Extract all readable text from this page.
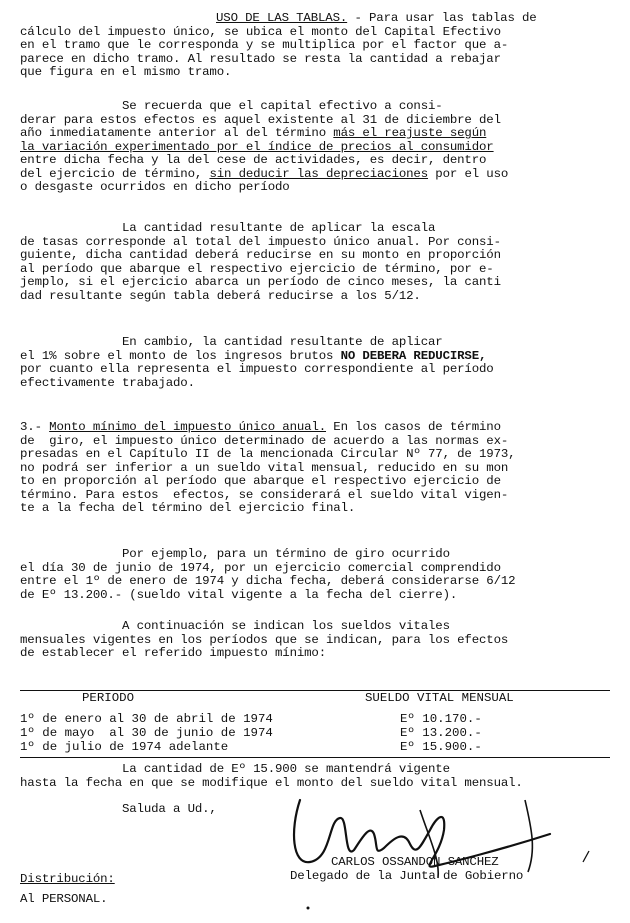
USO DE LAS TABLAS. - Para usar las tablas de
cálculo del impuesto único, se ubica el monto del Capital Efectivo
en el tramo que le corresponda y se multiplica por el factor que a-
parece en dicho tramo. Al resultado se resta la cantidad a rebajar
que figura en el mismo tramo.
Se recuerda que el capital efectivo a consi-
derar para estos efectos es aquel existente al 31 de diciembre del
año inmediatamente anterior al del término más el reajuste según
la variación experimentado por el índice de precios al consumidor
entre dicha fecha y la del cese de actividades, es decir, dentro
del ejercicio de término, sin deducir las depreciaciones por el uso
o desgaste ocurridos en dicho período
La cantidad resultante de aplicar la escala
de tasas corresponde al total del impuesto único anual. Por consi-
guiente, dicha cantidad deberá reducirse en su monto en proporción
al período que abarque el respectivo ejercicio de término, por e-
jemplo, si el ejercicio abarca un período de cinco meses, la canti
dad resultante según tabla deberá reducirse a los 5/12.
En cambio, la cantidad resultante de aplicar
el 1% sobre el monto de los ingresos brutos NO DEBERA REDUCIRSE,
por cuanto ella representa el impuesto correspondiente al período
efectivamente trabajado.
3.- Monto mínimo del impuesto único anual. En los casos de término
de  giro, el impuesto único determinado de acuerdo a las normas ex-
presadas en el Capítulo II de la mencionada Circular Nº 77, de 1973,
no podrá ser inferior a un sueldo vital mensual, reducido en su mon
to en proporción al período que abarque el respectivo ejercicio de
término. Para estos  efectos, se considerará el sueldo vital vigen-
te a la fecha del término del ejercicio final.
Por ejemplo, para un término de giro ocurrido
el día 30 de junio de 1974, por un ejercicio comercial comprendido
entre el 1º de enero de 1974 y dicha fecha, deberá considerarse 6/12
de Eº 13.200.- (sueldo vital vigente a la fecha del cierre).
A continuación se indican los sueldos vitales
mensuales vigentes en los períodos que se indican, para los efectos
de establecer el referido impuesto mínimo:
PERIODO	SUELDO VITAL MENSUAL
1º de enero al 30 de abril de 1974	Eº 10.170.-
1º de mayo  al 30 de junio de 1974	Eº 13.200.-
1º de julio de 1974 adelante	Eº 15.900.-
La cantidad de Eº 15.900 se mantendrá vigente
hasta la fecha en que se modifique el monto del sueldo vital mensual.
Saluda a Ud.,
CARLOS OSSANDON SANCHEZ
Delegado de la Junta de Gobierno
Distribución:
Al PERSONAL.
